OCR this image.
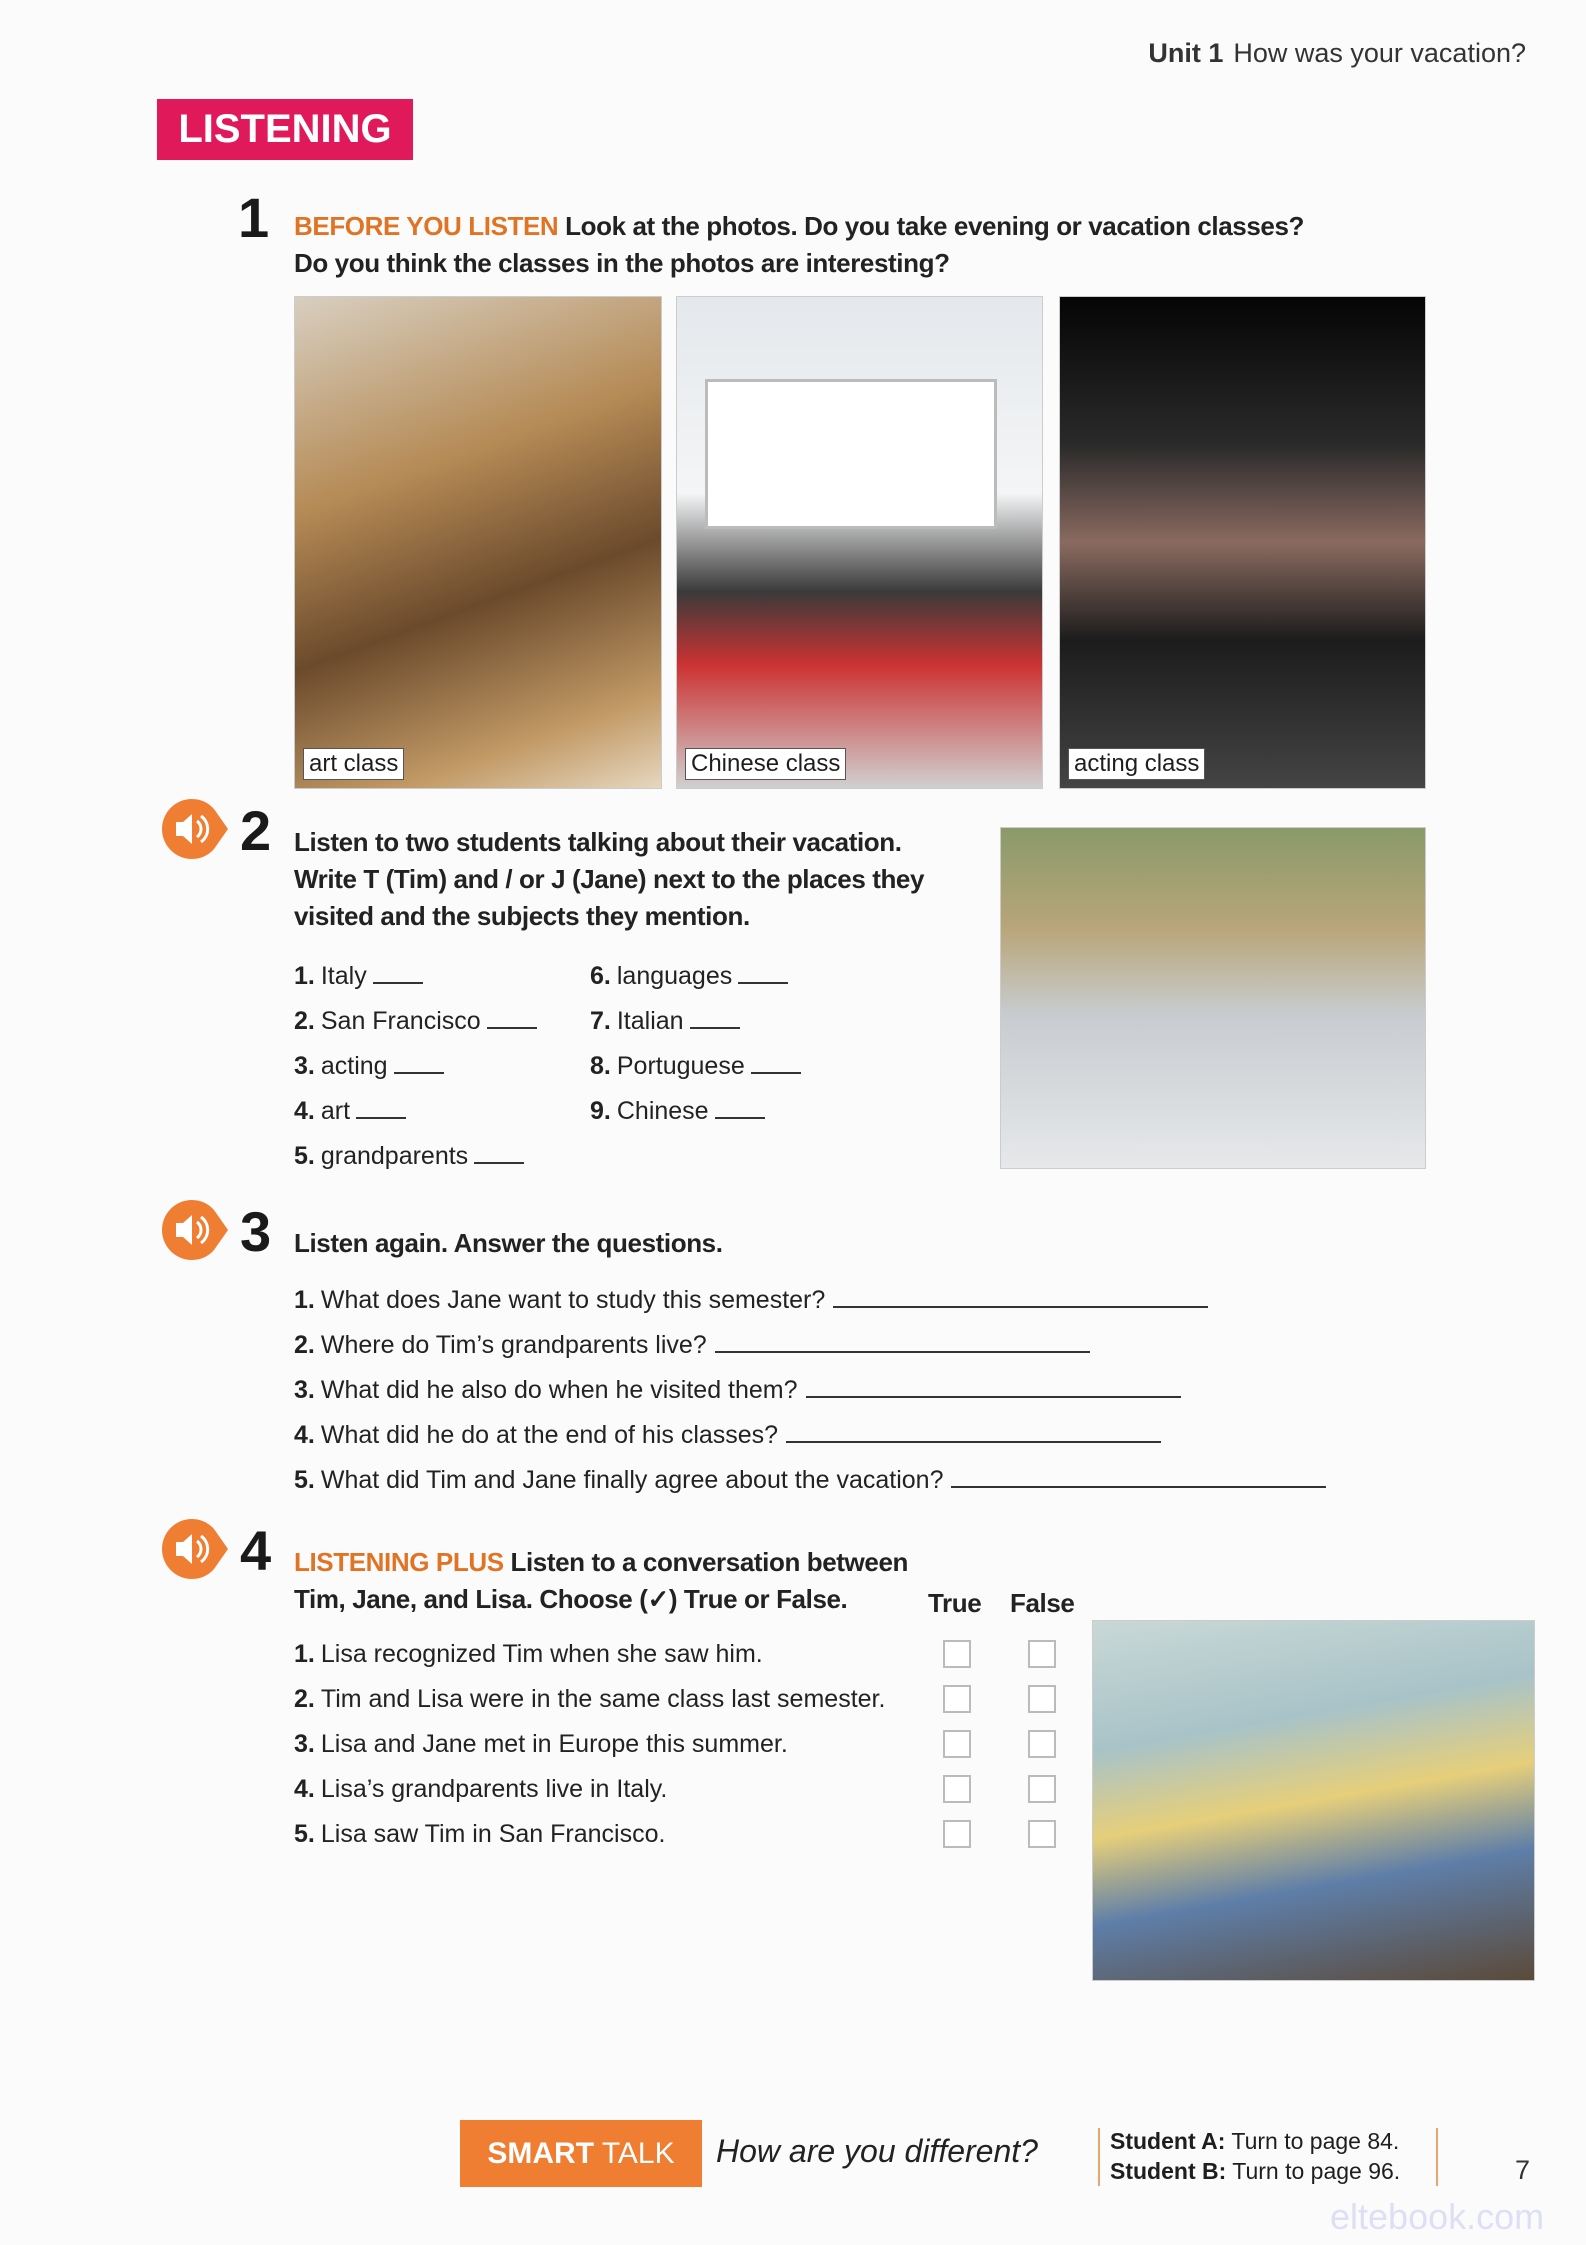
Unit 1 How was your vacation?
LISTENING
1 BEFORE YOU LISTEN Look at the photos. Do you take evening or vacation classes?
Do you think the classes in the photos are interesting?
art class	Chinese class	acting class
2 Listen to two students talking about their vacation.
Write T (Tim) and / or J (Jane) next to the places they
visited and the subjects they mention.
1. Italy
2. San Francisco
3. acting
4. art
5. grandparents
6. languages
7. Italian
8. Portuguese
9. Chinese
3 Listen again. Answer the questions.
1. What does Jane want to study this semester?
2. Where do Tim’s grandparents live?
3. What did he also do when he visited them?
4. What did he do at the end of his classes?
5. What did Tim and Jane finally agree about the vacation?
4 LISTENING PLUS Listen to a conversation between
Tim, Jane, and Lisa. Choose (✓) True or False.	True False
1. Lisa recognized Tim when she saw him.
2. Tim and Lisa were in the same class last semester.
3. Lisa and Jane met in Europe this summer.
4. Lisa’s grandparents live in Italy.
5. Lisa saw Tim in San Francisco.
SMART TALK	How are you different?	Student A: Turn to page 84.
Student B: Turn to page 96.	7
eltebook.com
